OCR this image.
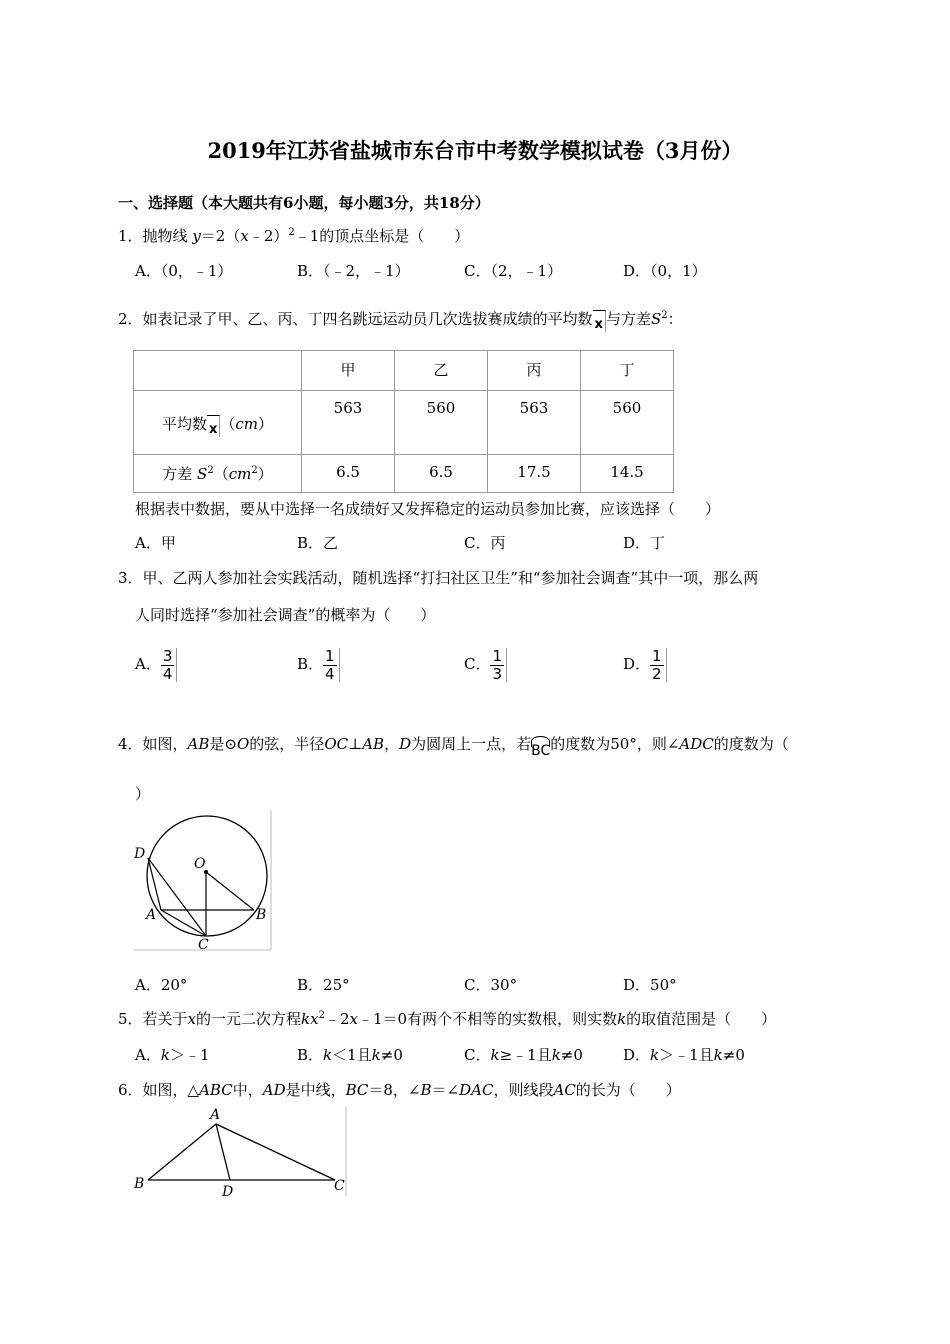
2019年江苏省盐城市东台市中考数学模拟试卷（3月份）
一、选择题（本大题共有6小题，每小题3分，共18分）
1．抛物线 y＝2（x﹣2）$^2$﹣1的顶点坐标是（　　）
A．（0，﹣1）	B．（﹣2，﹣1）	C．（2，﹣1）	D．（0，1）
2．如表记录了甲、乙、丙、丁四名跳远运动员几次选拔赛成绩的平均数 x 与方差$S^2$：
	甲	乙	丙	丁
平均数 x （cm）	563	560	563	560
方差 $S^2(cm^2)$	6.5	6.5	17.5	14.5
根据表中数据，要从中选择一名成绩好又发挥稳定的运动员参加比赛，应该选择（　　）
A．甲	B．乙	C．丙	D．丁
3．甲、乙两人参加社会实践活动，随机选择“打扫社区卫生”和“参加社会调查”其中一项，那么两
人同时选择“参加社会调查”的概率为（　　）
A． $\frac{3}{4}$	B． $\frac{1}{4}$	C． $\frac{1}{3}$	D． $\frac{1}{2}$
4．如图，AB是⊙O的弦，半径OC⊥AB，D为圆周上一点，若BC的度数为50°，则∠ADC的度数为（
）
D
O
A	B
C
A．20°	B．25°	C．30°	D．50°
5．若关于x的一元二次方程$kx^2﹣2x﹣1=0$有两个不相等的实数根，则实数k的取值范围是（　　）
A．k＞﹣1	B．k＜1且k≠0	C．k≥﹣1且k≠0	D．k＞﹣1且k≠0
6．如图，△ABC中，AD是中线，BC＝8，∠B＝∠DAC，则线段AC的长为（　　）
A
B	D	C
